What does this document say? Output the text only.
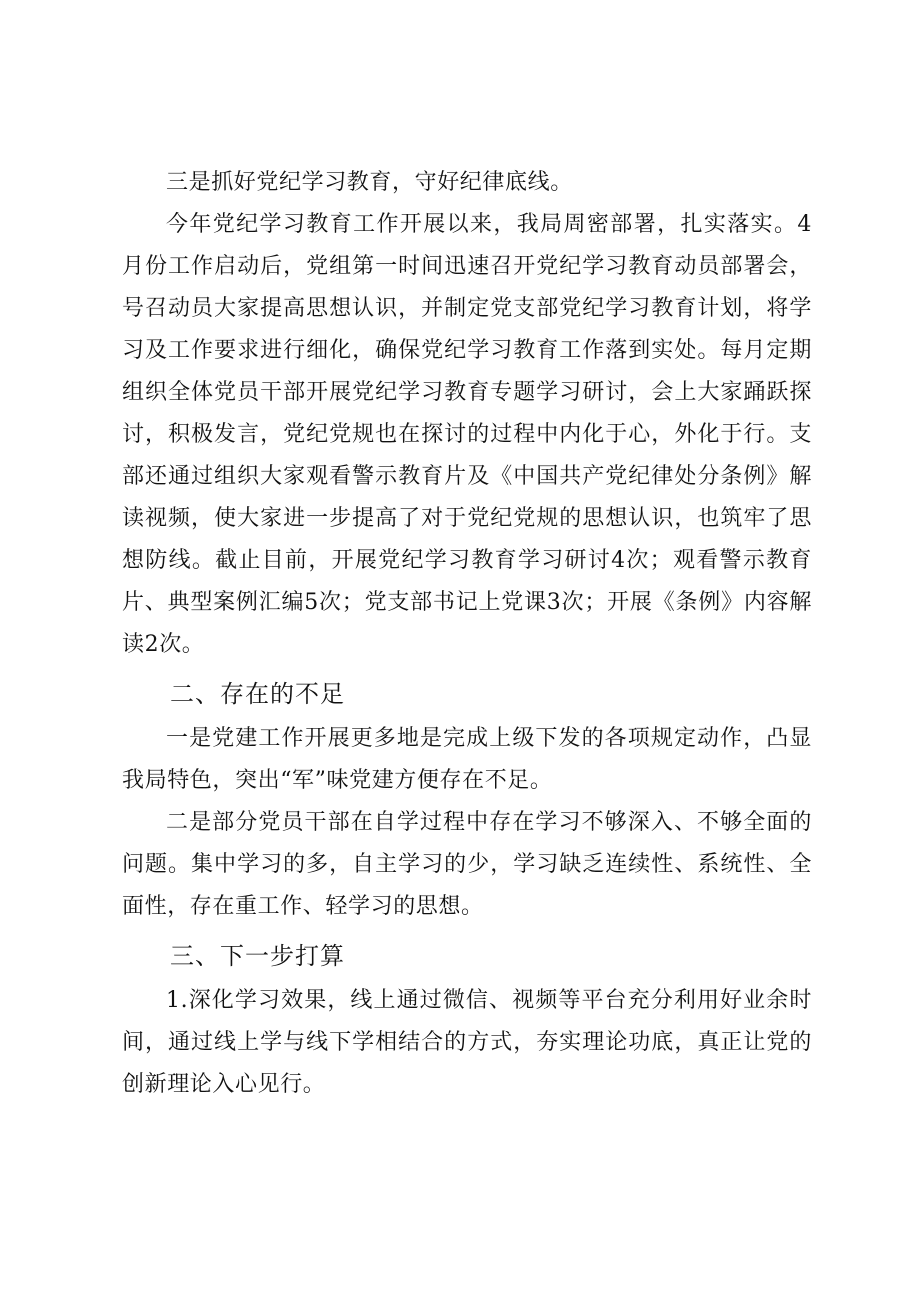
三是抓好党纪学习教育，守好纪律底线。

今年党纪学习教育工作开展以来，我局周密部署，扎实落实。4月份工作启动后，党组第一时间迅速召开党纪学习教育动员部署会，号召动员大家提高思想认识，并制定党支部党纪学习教育计划，将学习及工作要求进行细化，确保党纪学习教育工作落到实处。每月定期组织全体党员干部开展党纪学习教育专题学习研讨，会上大家踊跃探讨，积极发言，党纪党规也在探讨的过程中内化于心，外化于行。支部还通过组织大家观看警示教育片及《中国共产党纪律处分条例》解读视频，使大家进一步提高了对于党纪党规的思想认识，也筑牢了思想防线。截止目前，开展党纪学习教育学习研讨4次；观看警示教育片、典型案例汇编5次；党支部书记上党课3次；开展《条例》内容解读2次。

二、存在的不足

一是党建工作开展更多地是完成上级下发的各项规定动作，凸显我局特色，突出“军”味党建方便存在不足。

二是部分党员干部在自学过程中存在学习不够深入、不够全面的问题。集中学习的多，自主学习的少，学习缺乏连续性、系统性、全面性，存在重工作、轻学习的思想。

三、下一步打算

1.深化学习效果，线上通过微信、视频等平台充分利用好业余时间，通过线上学与线下学相结合的方式，夯实理论功底，真正让党的创新理论入心见行。
